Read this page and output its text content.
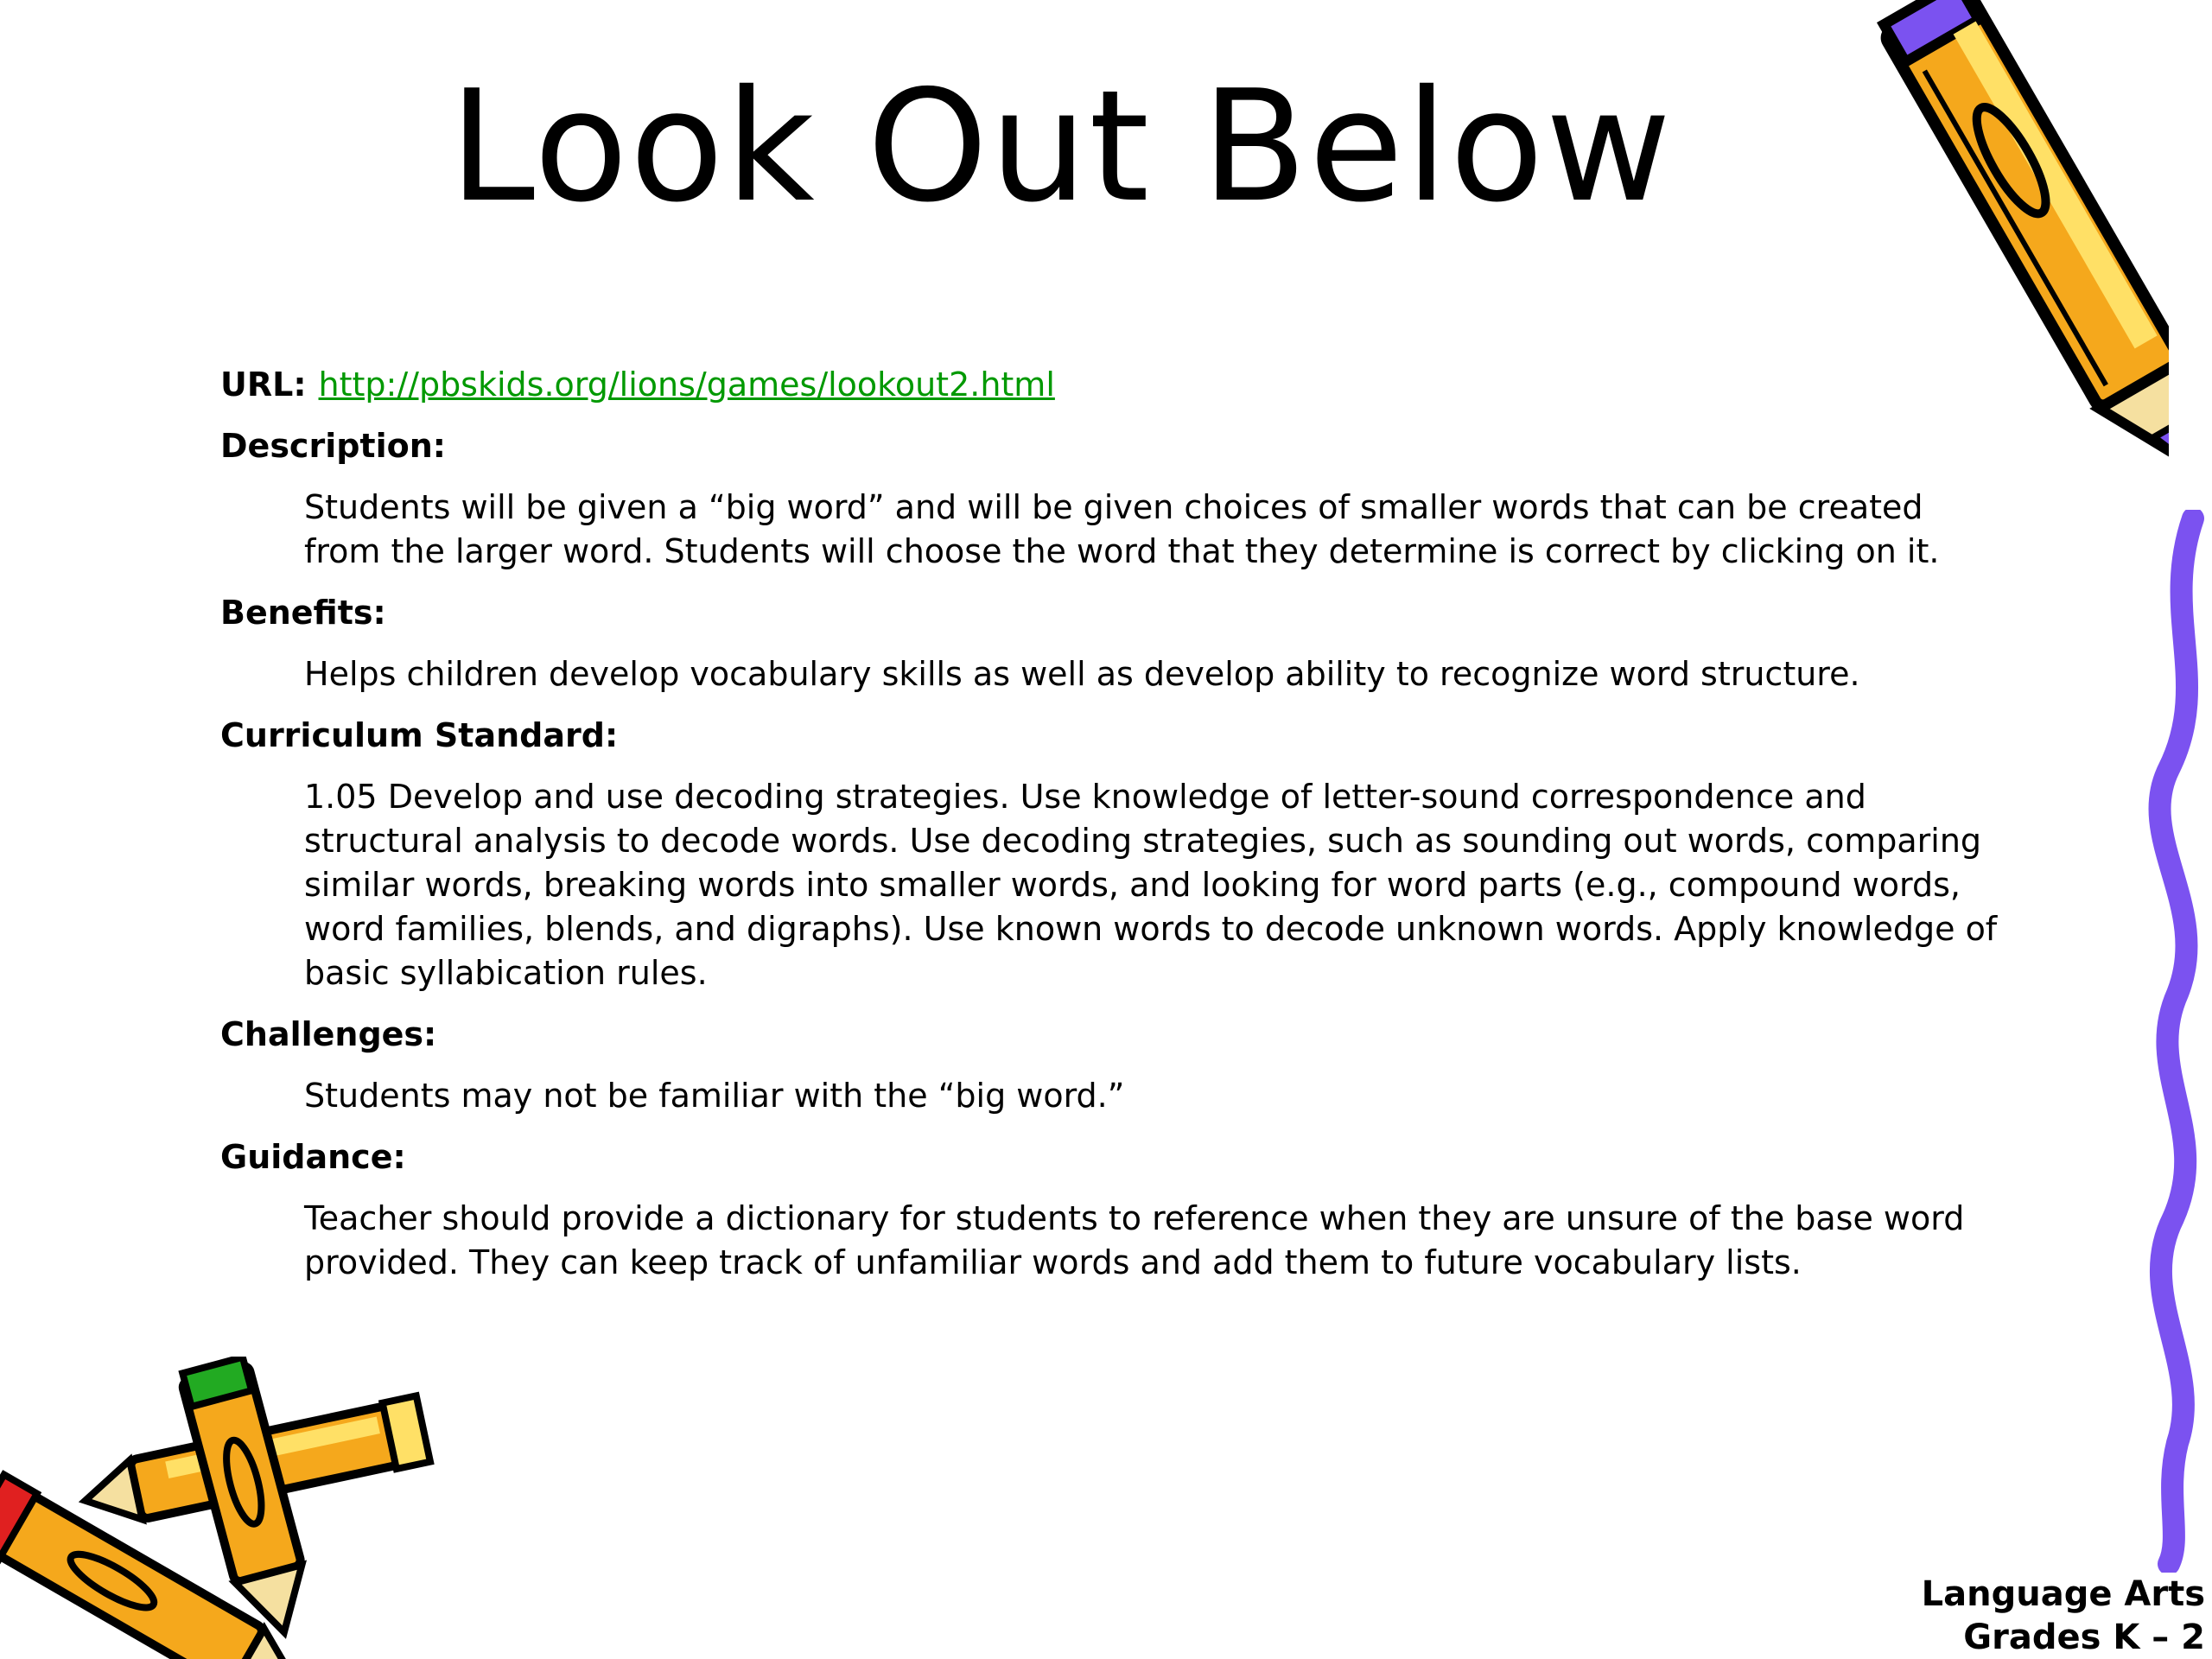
Look Out Below
URL: http://pbskids.org/lions/games/lookout2.html
Description:
Students will be given a “big word” and will be given choices of smaller words that can be created from the larger word. Students will choose the word that they determine is correct by clicking on it.
Benefits:
Helps children develop vocabulary skills as well as develop ability to recognize word structure.
Curriculum Standard:
1.05 Develop and use decoding strategies. Use knowledge of letter-sound correspondence and structural analysis to decode words. Use decoding strategies, such as sounding out words, comparing similar words, breaking words into smaller words, and looking for word parts (e.g., compound words, word families, blends, and digraphs). Use known words to decode unknown words. Apply knowledge of basic syllabication rules.
Challenges:
Students may not be familiar with the “big word.”
Guidance:
Teacher should provide a dictionary for students to reference when they are unsure of the base word provided. They can keep track of unfamiliar words and add them to future vocabulary lists.
Language Arts
Grades K – 2
